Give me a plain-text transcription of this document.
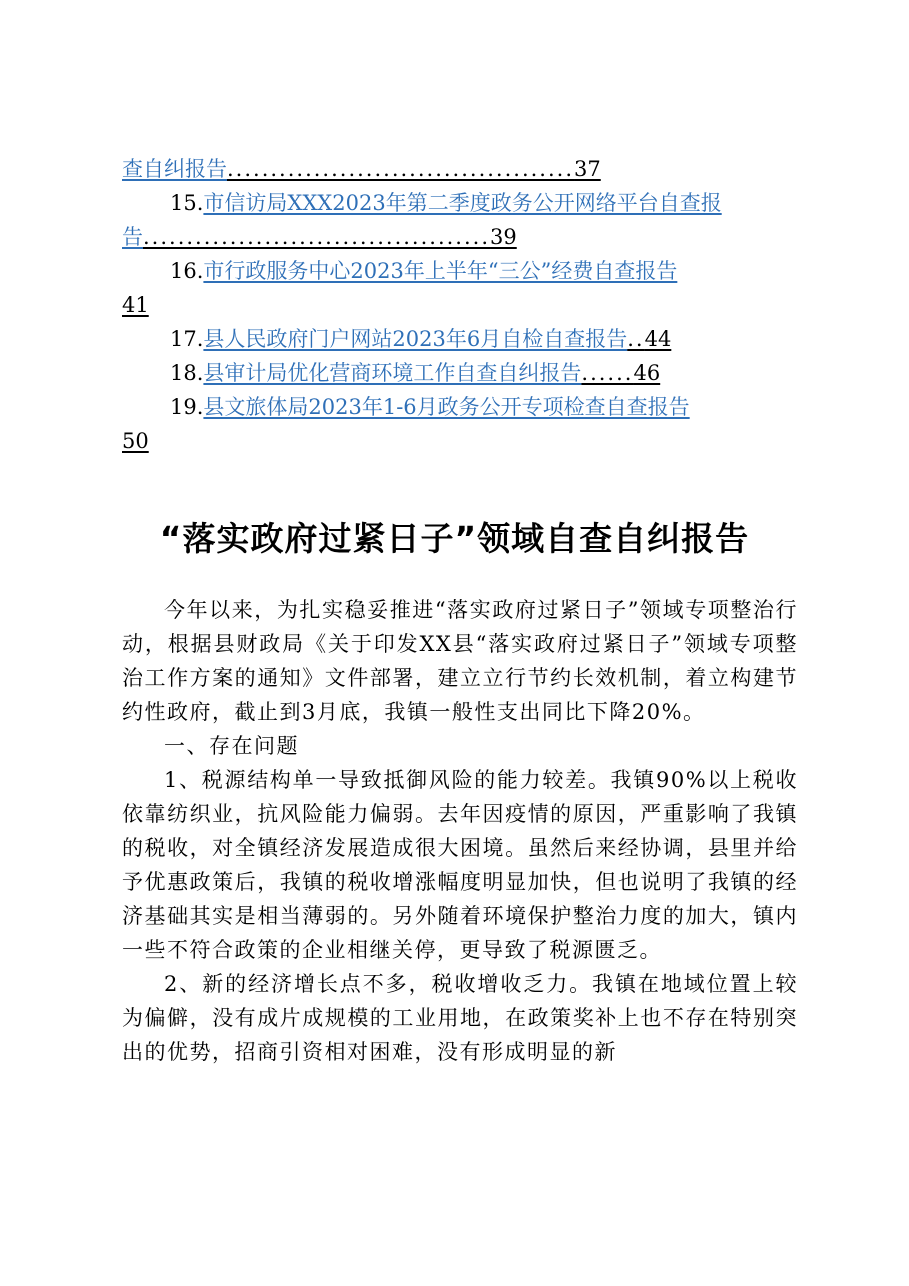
查自纠报告........................................37
15.市信访局XXX2023年第二季度政务公开网络平台自查报
告........................................39
16.市行政服务中心2023年上半年“三公”经费自查报告
41
17.县人民政府门户网站2023年6月自检自查报告..44
18.县审计局优化营商环境工作自查自纠报告......46
19.县文旅体局2023年1-6月政务公开专项检查自查报告
50
“落实政府过紧日子”领域自查自纠报告

今年以来，为扎实稳妥推进“落实政府过紧日子”领域专项整治行动，根据县财政局《关于印发XX县“落实政府过紧日子”领域专项整治工作方案的通知》文件部署，建立立行节约长效机制，着立构建节约性政府，截止到3月底，我镇一般性支出同比下降20%。

一、存在问题

1、税源结构单一导致抵御风险的能力较差。我镇90%以上税收依靠纺织业，抗风险能力偏弱。去年因疫情的原因，严重影响了我镇的税收，对全镇经济发展造成很大困境。虽然后来经协调，县里并给予优惠政策后，我镇的税收增涨幅度明显加快，但也说明了我镇的经济基础其实是相当薄弱的。另外随着环境保护整治力度的加大，镇内一些不符合政策的企业相继关停，更导致了税源匮乏。

2、新的经济增长点不多，税收增收乏力。我镇在地域位置上较为偏僻，没有成片成规模的工业用地，在政策奖补上也不存在特别突出的优势，招商引资相对困难，没有形成明显的新
